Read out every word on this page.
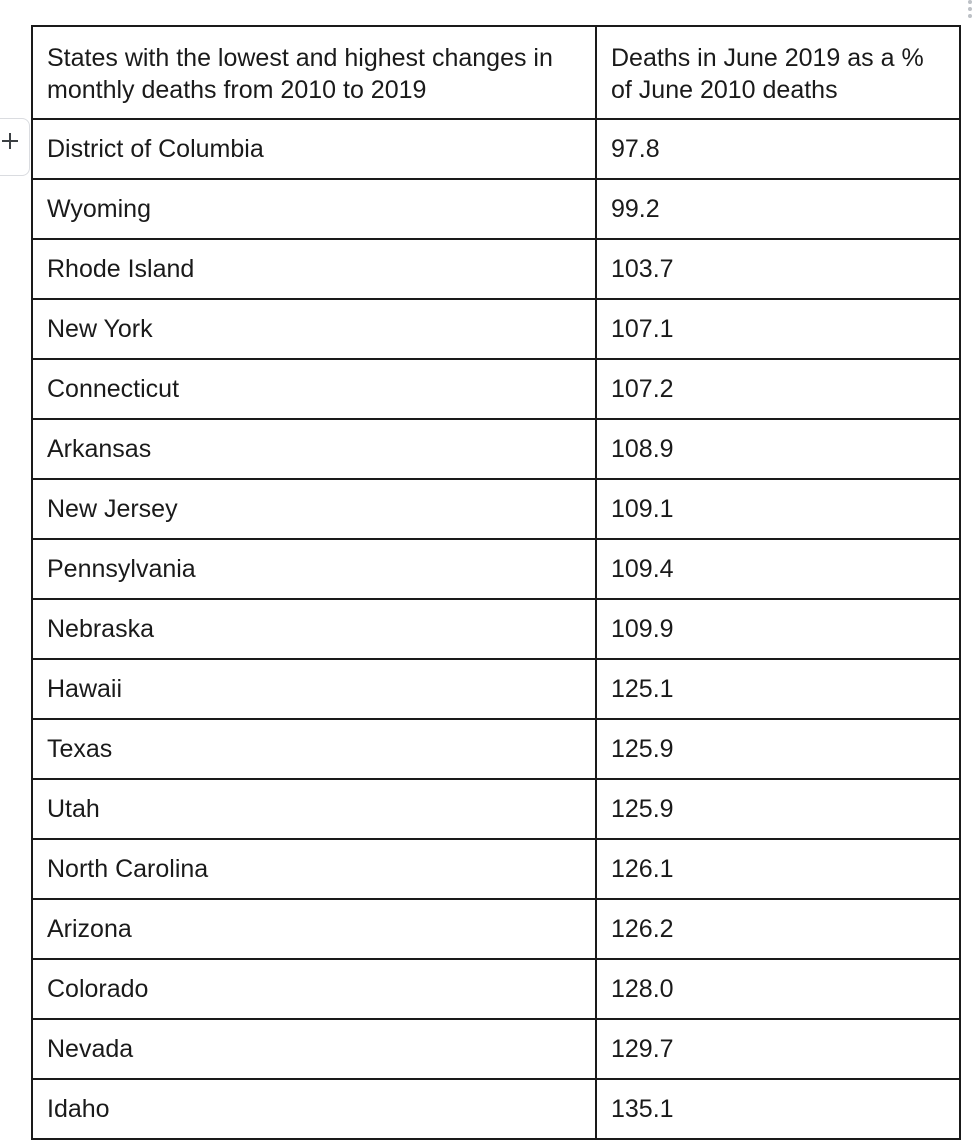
States with the lowest and highest changes in monthly deaths from 2010 to 2019	Deaths in June 2019 as a % of June 2010 deaths
District of Columbia	97.8
Wyoming	99.2
Rhode Island	103.7
New York	107.1
Connecticut	107.2
Arkansas	108.9
New Jersey	109.1
Pennsylvania	109.4
Nebraska	109.9
Hawaii	125.1
Texas	125.9
Utah	125.9
North Carolina	126.1
Arizona	126.2
Colorado	128.0
Nevada	129.7
Idaho	135.1
